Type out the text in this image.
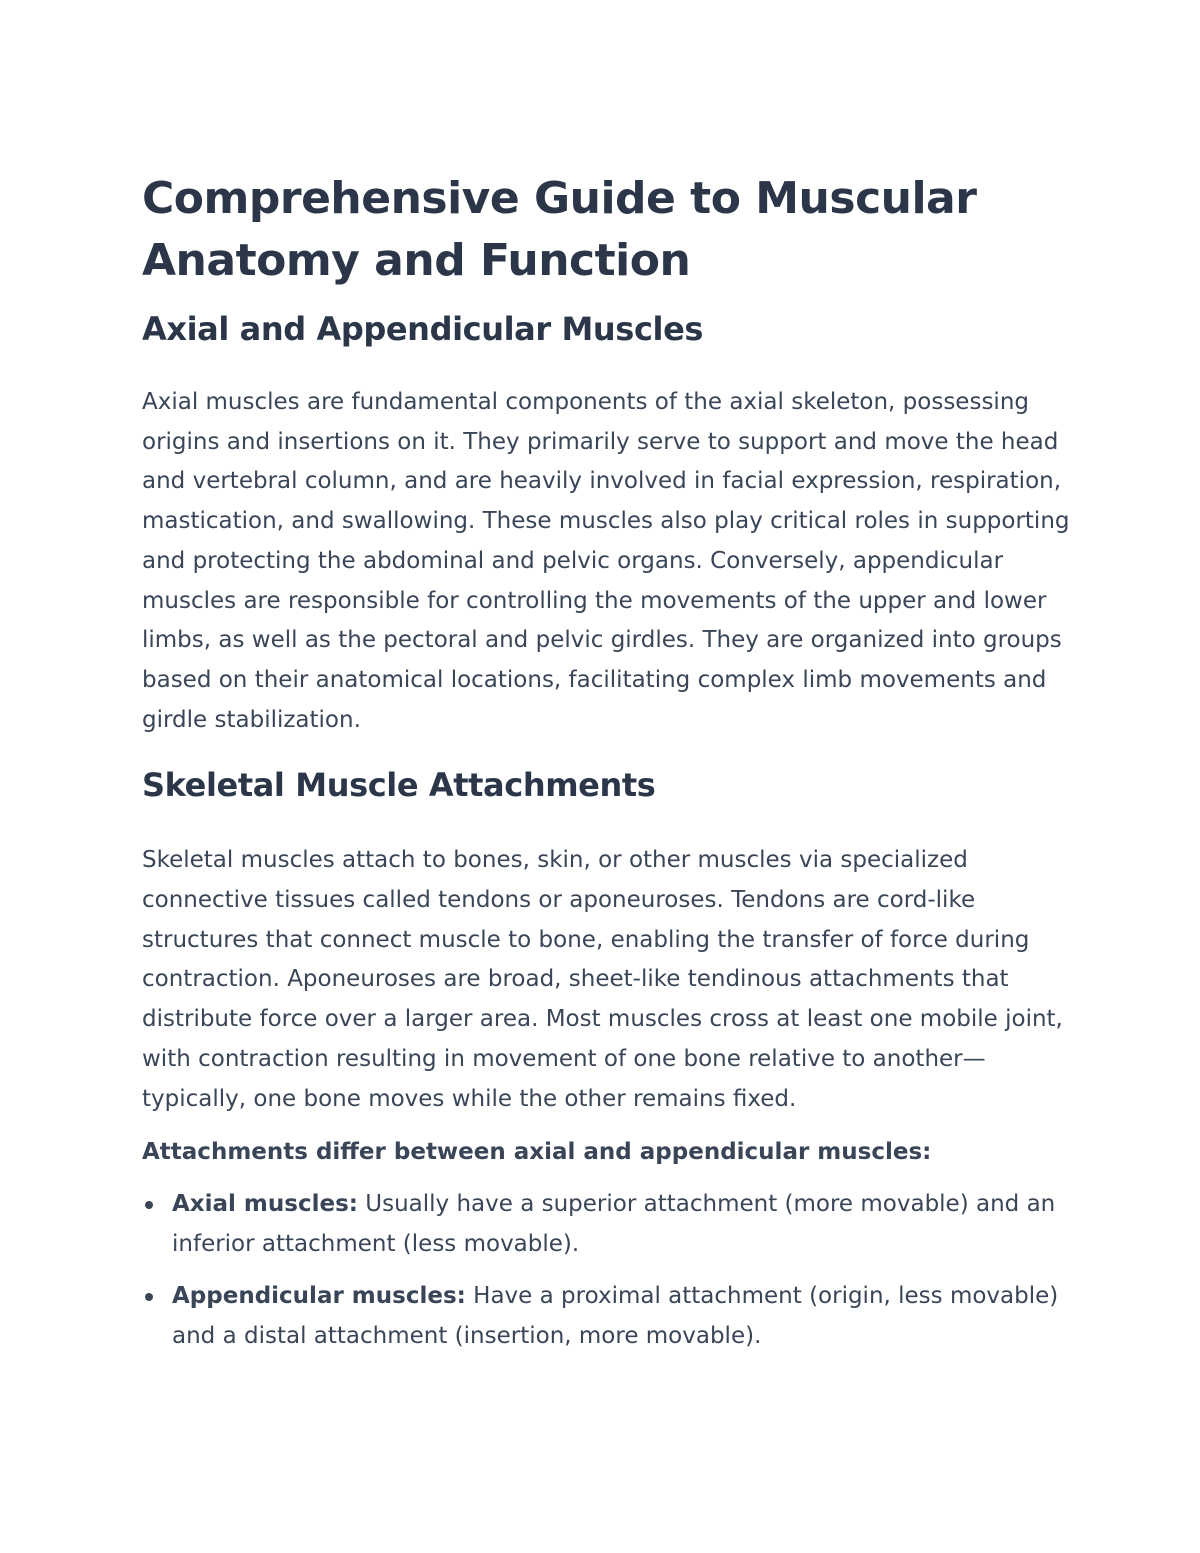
Comprehensive Guide to Muscular Anatomy and Function
Axial and Appendicular Muscles

Axial muscles are fundamental components of the axial skeleton, possessing origins and insertions on it. They primarily serve to support and move the head and vertebral column, and are heavily involved in facial expression, respiration, mastication, and swallowing. These muscles also play critical roles in supporting and protecting the abdominal and pelvic organs. Conversely, appendicular muscles are responsible for controlling the movements of the upper and lower limbs, as well as the pectoral and pelvic girdles. They are organized into groups based on their anatomical locations, facilitating complex limb movements and girdle stabilization.

Skeletal Muscle Attachments

Skeletal muscles attach to bones, skin, or other muscles via specialized connective tissues called tendons or aponeuroses. Tendons are cord-like structures that connect muscle to bone, enabling the transfer of force during contraction. Aponeuroses are broad, sheet-like tendinous attachments that distribute force over a larger area. Most muscles cross at least one mobile joint, with contraction resulting in movement of one bone relative to another—typically, one bone moves while the other remains fixed.

Attachments differ between axial and appendicular muscles:

Axial muscles: Usually have a superior attachment (more movable) and an inferior attachment (less movable).
Appendicular muscles: Have a proximal attachment (origin, less movable) and a distal attachment (insertion, more movable).
